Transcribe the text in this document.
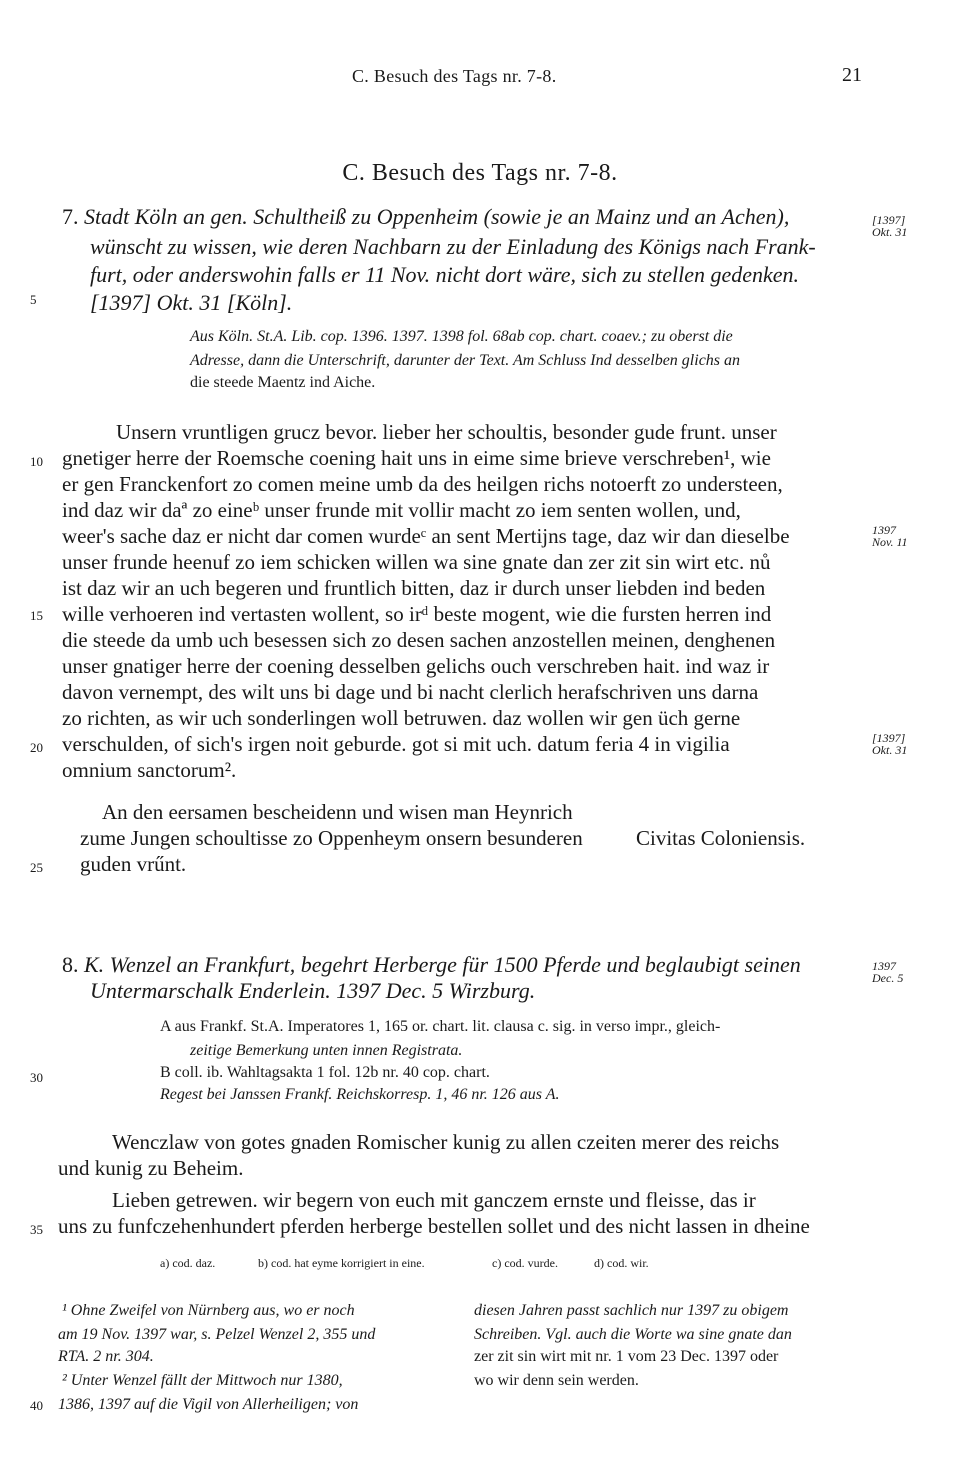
C. Besuch des Tags nr. 7-8.	21
C. Besuch des Tags nr. 7-8.
5
10
15
20
25
30
35
40
7. Stadt Köln an gen. Schultheiß zu Oppenheim (sowie je an Mainz und an Achen),
wünscht zu wissen, wie deren Nachbarn zu der Einladung des Königs nach Frank-
furt, oder anderswohin falls er 11 Nov. nicht dort wäre, sich zu stellen gedenken.
[1397] Okt. 31 [Köln].
[1397]
Okt. 31
Aus Köln. St.A. Lib. cop. 1396. 1397. 1398 fol. 68ab cop. chart. coaev.; zu oberst die
Adresse, dann die Unterschrift, darunter der Text. Am Schluss Ind desselben glichs an
die steede Maentz ind Aiche.
Unsern vruntligen grucz bevor. lieber her schoultis, besonder gude frunt. unser
gnetiger herre der Roemsche coening hait uns in eime sime brieve verschreben¹, wie
er gen Franckenfort zo comen meine umb da des heilgen richs notoerft zo understeen,
ind daz wir daª zo eineᵇ unser frunde mit vollir macht zo iem senten wollen, und,
weer's sache daz er nicht dar comen wurdeᶜ an sent Mertijns tage, daz wir dan dieselbe
unser frunde heenuf zo iem schicken willen wa sine gnate dan zer zit sin wirt etc. nů
ist daz wir an uch begeren und fruntlich bitten, daz ir durch unser liebden ind beden
wille verhoeren ind vertasten wollent, so irᵈ beste mogent, wie die fursten herren ind
die steede da umb uch besessen sich zo desen sachen anzostellen meinen, denghenen
unser gnatiger herre der coening desselben gelichs ouch verschreben hait. ind waz ir
davon vernempt, des wilt uns bi dage und bi nacht clerlich herafschriven uns darna
zo richten, as wir uch sonderlingen woll betruwen. daz wollen wir gen üch gerne
verschulden, of sich's irgen noit geburde. got si mit uch. datum feria 4 in vigilia
omnium sanctorum².
1397
Nov. 11
[1397]
Okt. 31
An den eersamen bescheidenn und wisen man Heynrich
zume Jungen schoultisse zo Oppenheym onsern besunderen
guden vrűnt.
Civitas Coloniensis.
8. K. Wenzel an Frankfurt, begehrt Herberge für 1500 Pferde und beglaubigt seinen
Untermarschalk Enderlein. 1397 Dec. 5 Wirzburg.
1397
Dec. 5
A aus Frankf. St.A. Imperatores 1, 165 or. chart. lit. clausa c. sig. in verso impr., gleich-
zeitige Bemerkung unten innen Registrata.
B coll. ib. Wahltagsakta 1 fol. 12b nr. 40 cop. chart.
Regest bei Janssen Frankf. Reichskorresp. 1, 46 nr. 126 aus A.
Wenczlaw von gotes gnaden Romischer kunig zu allen czeiten merer des reichs
und kunig zu Beheim.
Lieben getrewen. wir begern von euch mit ganczem ernste und fleisse, das ir
uns zu funfczehenhundert pferden herberge bestellen sollet und des nicht lassen in dheine
a) cod. daz.	b) cod. hat eyme korrigiert in eine.	c) cod. vurde.	d) cod. wir.
¹ Ohne Zweifel von Nürnberg aus, wo er noch
am 19 Nov. 1397 war, s. Pelzel Wenzel 2, 355 und
RTA. 2 nr. 304.
² Unter Wenzel fällt der Mittwoch nur 1380,
1386, 1397 auf die Vigil von Allerheiligen; von
diesen Jahren passt sachlich nur 1397 zu obigem
Schreiben. Vgl. auch die Worte wa sine gnate dan
zer zit sin wirt mit nr. 1 vom 23 Dec. 1397 oder
wo wir denn sein werden.
